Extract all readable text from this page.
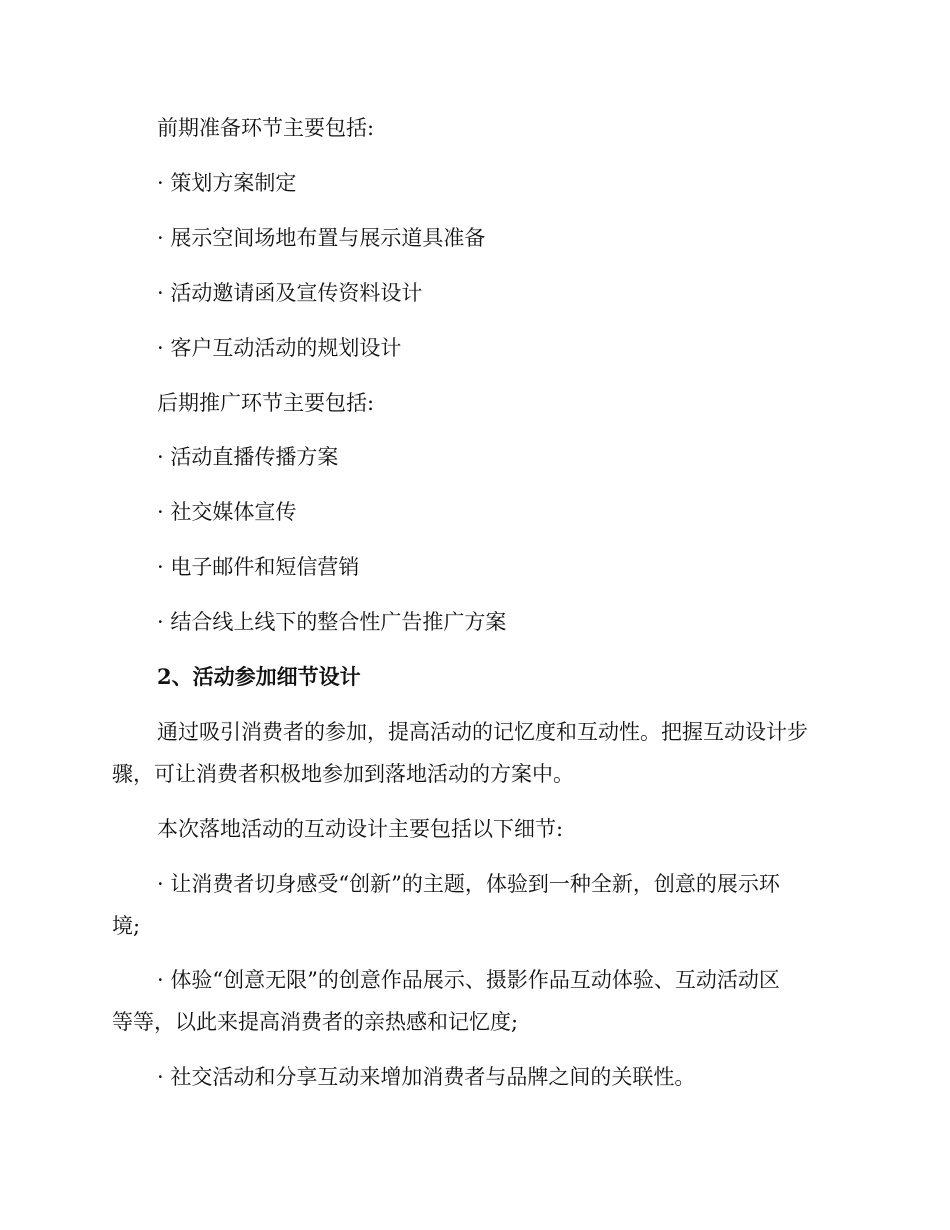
前期准备环节主要包括:
· 策划方案制定
· 展示空间场地布置与展示道具准备
· 活动邀请函及宣传资料设计
· 客户互动活动的规划设计
后期推广环节主要包括:
· 活动直播传播方案
· 社交媒体宣传
· 电子邮件和短信营销
· 结合线上线下的整合性广告推广方案
2、活动参加细节设计
通过吸引消费者的参加，提高活动的记忆度和互动性。把握互动设计步
骤，可让消费者积极地参加到落地活动的方案中。
本次落地活动的互动设计主要包括以下细节:
· 让消费者切身感受“创新”的主题，体验到一种全新，创意的展示环
境;
· 体验“创意无限”的创意作品展示、摄影作品互动体验、互动活动区
等等，以此来提高消费者的亲热感和记忆度;
· 社交活动和分享互动来增加消费者与品牌之间的关联性。
